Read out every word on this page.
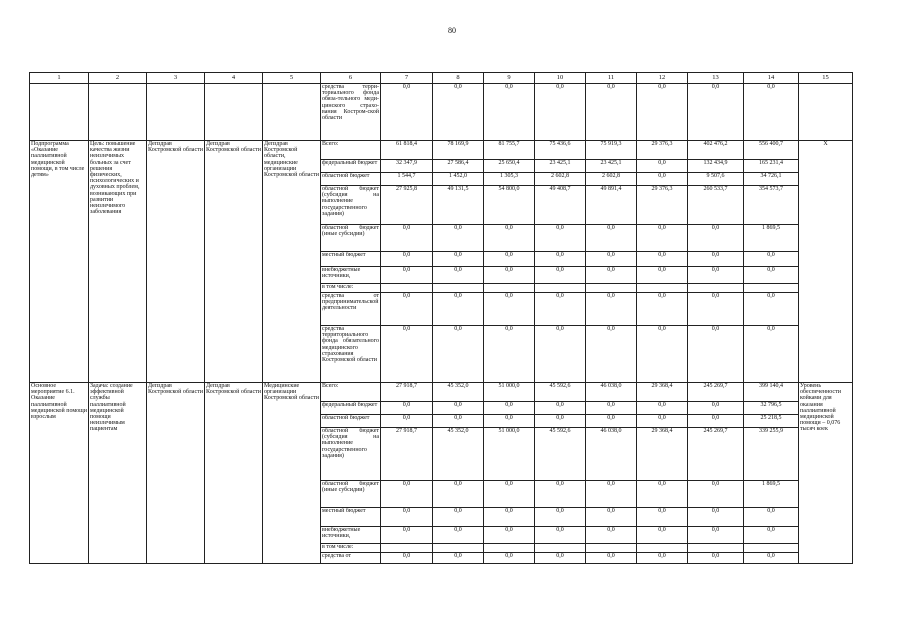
80
1	2	3	4	5	6	7	8	9	10	11	12	13	14	15
					средства терри-ториального фонда обяза-тельного меди-цинского страхо-вания Костром-ской области	0,0	0,0	0,0	0,0	0,0	0,0	0,0	0,0	
Подпрограмма «Оказание паллиативной медицинской помощи, в том числе детям»	Цель: повышение качества жизни неизлечимых больных за счет решения физических, психологических и духовных проблем, возникающих при развитии неизлечимого заболевания	Депздрав Костромской области	Депздрав Костромской области	Депздрав Костромской области, медицинские организации Костромской области	Всего:	61 818,4	78 169,9	81 755,7	75 436,6	75 919,3	29 376,3	402 476,2	556 400,7	X
					федеральный бюджет	32 347,9	27 586,4	25 650,4	23 425,1	23 425,1	0,0	132 434,9	165 231,4	
					областной бюджет	1 544,7	1 452,0	1 305,3	2 602,8	2 602,8	0,0	9 507,6	34 726,1	
					областной бюджет (субсидия на выполнение государственного задания)	27 925,8	49 131,5	54 800,0	49 408,7	49 891,4	29 376,3	260 533,7	354 573,7	
					областной бюджет (иные субсидии)	0,0	0,0	0,0	0,0	0,0	0,0	0,0	1 869,5	
					местный бюджет	0,0	0,0	0,0	0,0	0,0	0,0	0,0	0,0	
					внебюджетные источники,	0,0	0,0	0,0	0,0	0,0	0,0	0,0	0,0	
					в том числе:									
					средства от предпринимательской деятельности	0,0	0,0	0,0	0,0	0,0	0,0	0,0	0,0	
					средства территориального фонда обязательного медицинского страхования Костромской области	0,0	0,0	0,0	0,0	0,0	0,0	0,0	0,0	
Основное мероприятие 6.1. Оказание паллиативной медицинской помощи взрослым	Задача: создание эффективной службы паллиативной медицинской помощи неизлечимым пациентам	Депздрав Костромской области	Депздрав Костромской области	Медицинские организации Костромской области	Всего:	27 918,7	45 352,0	51 000,0	45 592,6	46 038,0	29 368,4	245 269,7	399 140,4	Уровень обеспеченности койками для оказания паллиативной медицинской помощи – 0,076 тысяч коек
					федеральный бюджет	0,0	0,0	0,0	0,0	0,0	0,0	0,0	32 796,5	
					областной бюджет	0,0	0,0	0,0	0,0	0,0	0,0	0,0	25 218,5	
					областной бюджет (субсидия на выполнение государственного задания)	27 918,7	45 352,0	51 000,0	45 592,6	46 038,0	29 368,4	245 269,7	339 255,9	
					областной бюджет (иные субсидии)	0,0	0,0	0,0	0,0	0,0	0,0	0,0	1 869,5	
					местный бюджет	0,0	0,0	0,0	0,0	0,0	0,0	0,0	0,0	
					внебюджетные источники,	0,0	0,0	0,0	0,0	0,0	0,0	0,0	0,0	
					в том числе:									
					средства от	0,0	0,0	0,0	0,0	0,0	0,0	0,0	0,0	
